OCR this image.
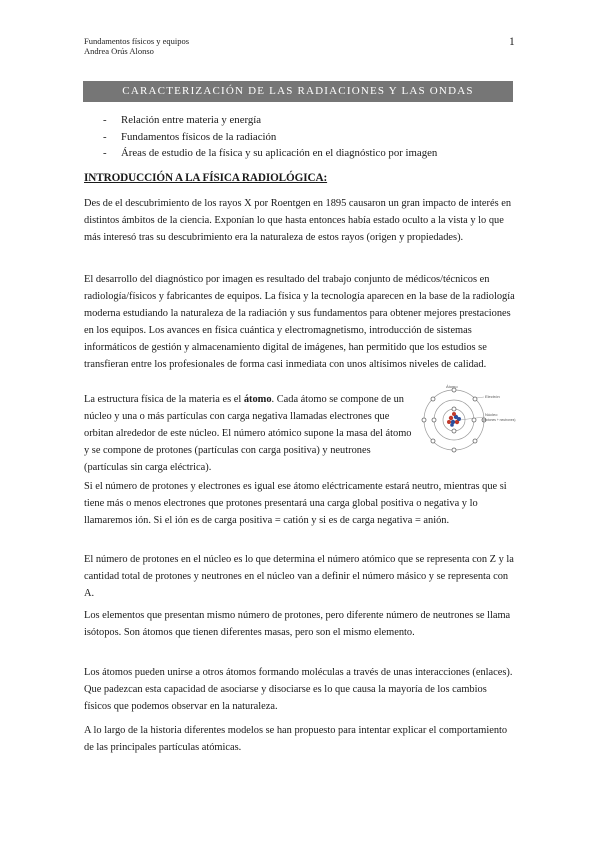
Fundamentos físicos y equipos
Andrea Orús Alonso
1
CARACTERIZACIÓN DE LAS RADIACIONES Y LAS ONDAS
- Relación entre materia y energía
- Fundamentos físicos de la radiación
- Áreas de estudio de la física y su aplicación en el diagnóstico por imagen
INTRODUCCIÓN A LA FÍSICA RADIOLÓGICA:

Des de el descubrimiento de los rayos X por Roentgen en 1895 causaron un gran impacto de interés en distintos ámbitos de la ciencia. Exponían lo que hasta entonces había estado oculto a la vista y lo que más interesó tras su descubrimiento era la naturaleza de estos rayos (origen y propiedades).

El desarrollo del diagnóstico por imagen es resultado del trabajo conjunto de médicos/técnicos en radiología/físicos y fabricantes de equipos. La física y la tecnología aparecen en la base de la radiología moderna estudiando la naturaleza de la radiación y sus fundamentos para obtener mejores prestaciones en los equipos. Los avances en física cuántica y electromagnetismo, introducción de sistemas informáticos de gestión y almacenamiento digital de imágenes, han permitido que los estudios se transfieran entre los profesionales de forma casi inmediata con unos altísimos niveles de calidad.

La estructura física de la materia es el átomo. Cada átomo se compone de un núcleo y una o más partículas con carga negativa llamadas electrones que orbitan alrededor de este núcleo. El número atómico supone la masa del átomo y se compone de protones (partículas con carga positiva) y neutrones (partículas sin carga eléctrica).

Átomo
Electrón
Núcleo
(protones + neutrones)

Si el número de protones y electrones es igual ese átomo eléctricamente estará neutro, mientras que si tiene más o menos electrones que protones presentará una carga global positiva o negativa y lo llamaremos ión. Si el ión es de carga positiva = catión y si es de carga negativa = anión.

El número de protones en el núcleo es lo que determina el número atómico que se representa con Z y la cantidad total de protones y neutrones en el núcleo van a definir el número másico y se representa con A.

Los elementos que presentan mismo número de protones, pero diferente número de neutrones se llama isótopos. Son átomos que tienen diferentes masas, pero son el mismo elemento.

Los átomos pueden unirse a otros átomos formando moléculas a través de unas interacciones (enlaces). Que padezcan esta capacidad de asociarse y disociarse es lo que causa la mayoría de los cambios físicos que podemos observar en la naturaleza.

A lo largo de la historia diferentes modelos se han propuesto para intentar explicar el comportamiento de las principales partículas atómicas.
